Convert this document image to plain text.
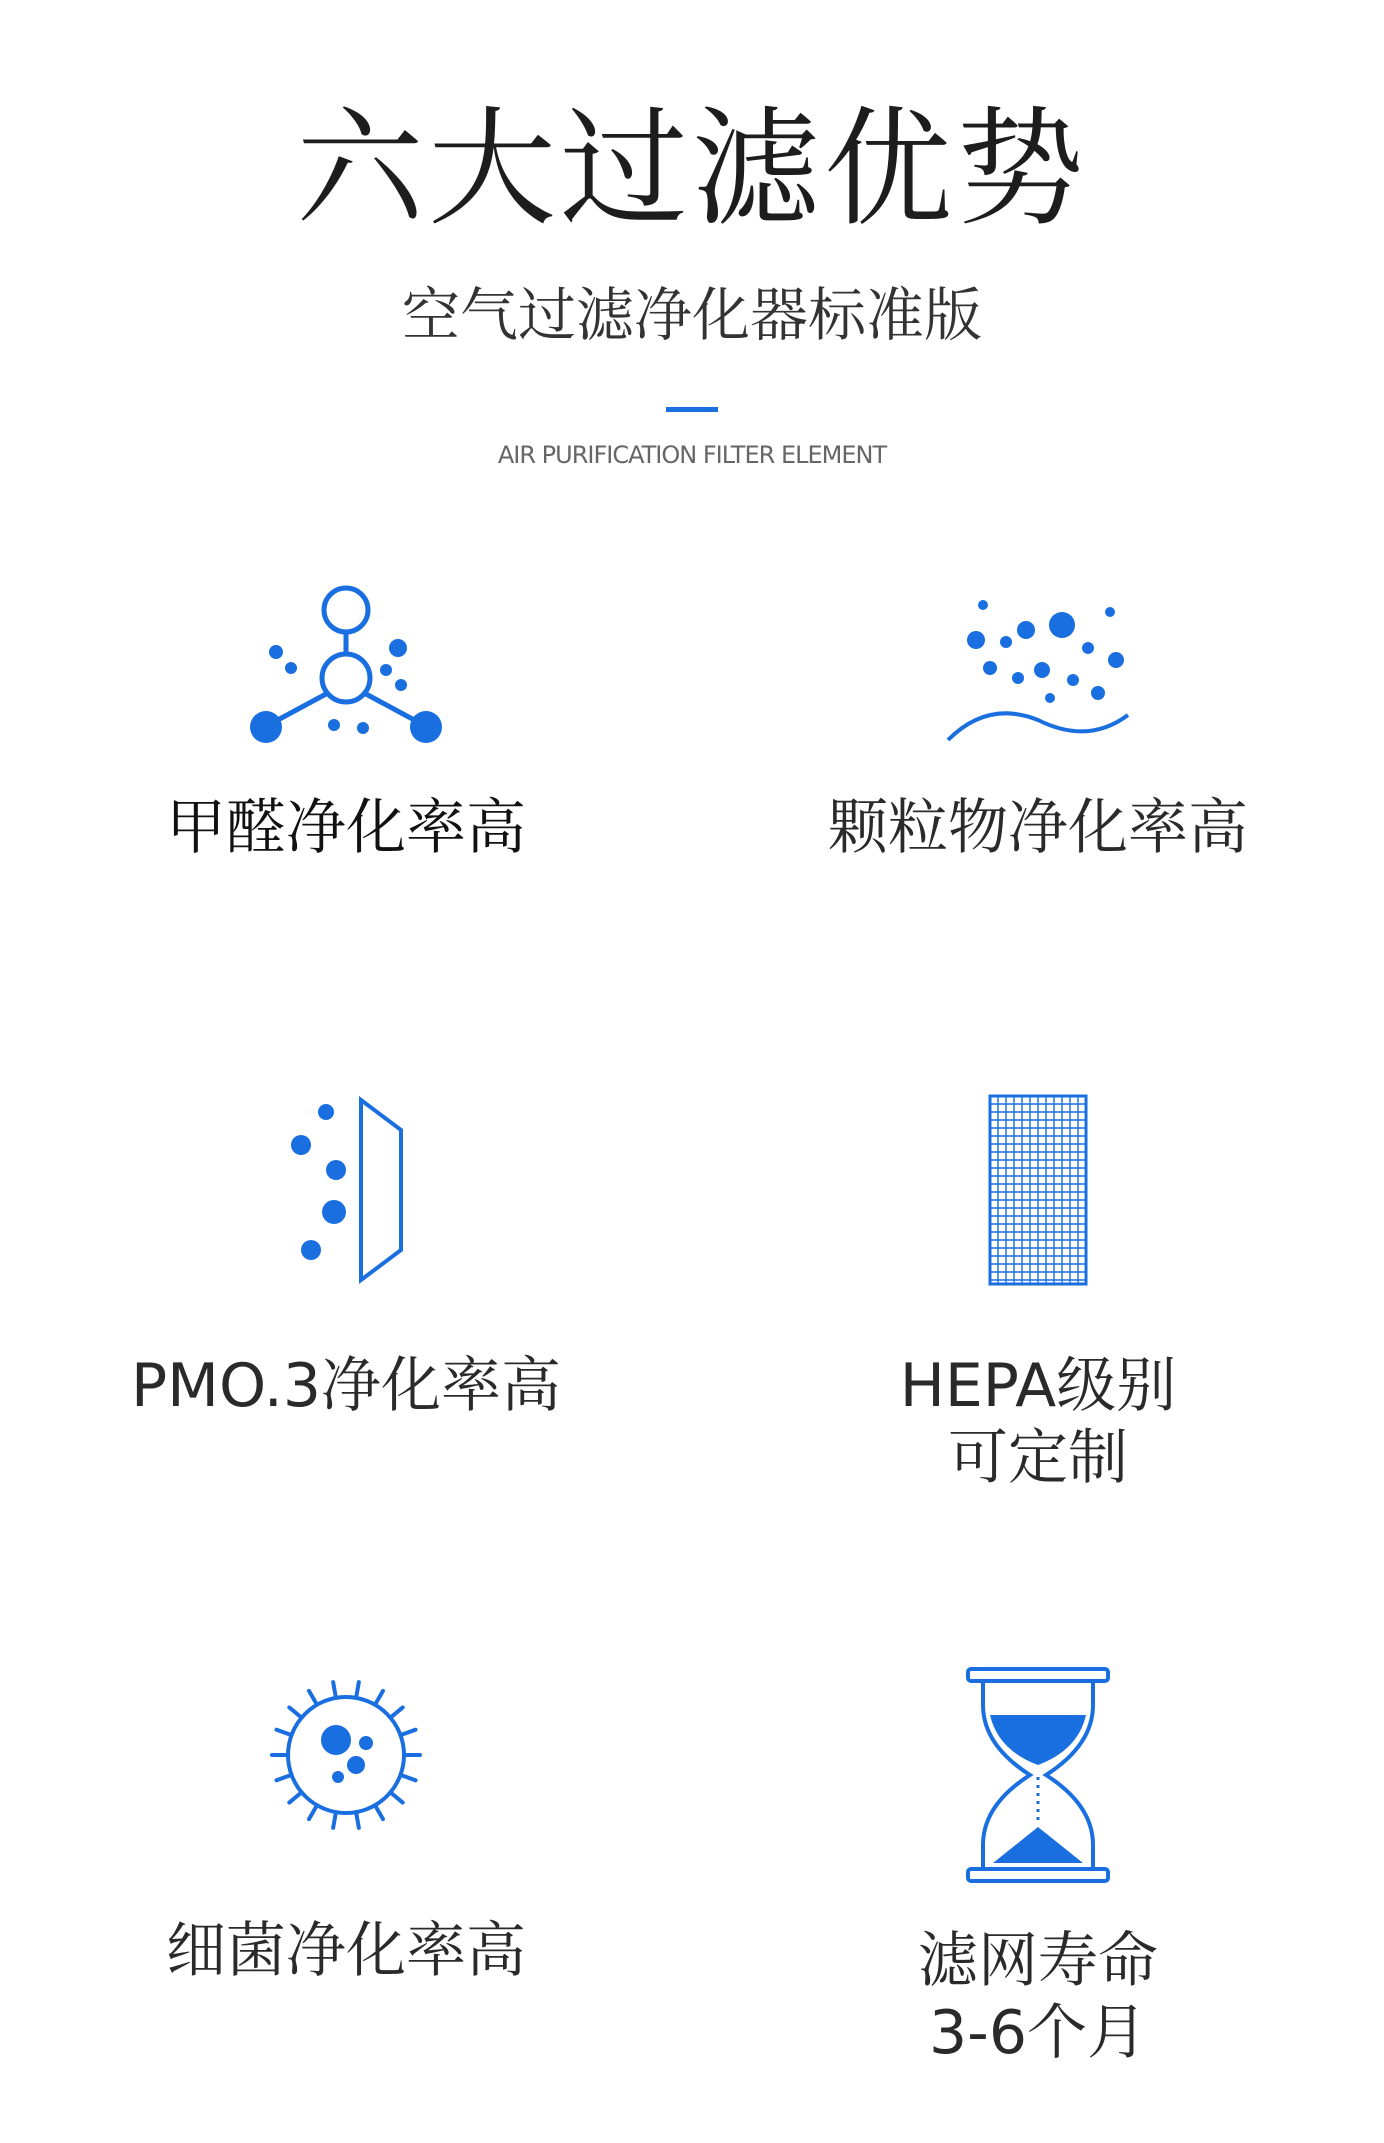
六大过滤优势
空气过滤净化器标准版
AIR PURIFICATION FILTER ELEMENT
甲醛净化率高	颗粒物净化率高
PMO.3净化率高	HEPA级别
可定制
细菌净化率高	滤网寿命
3-6个月
